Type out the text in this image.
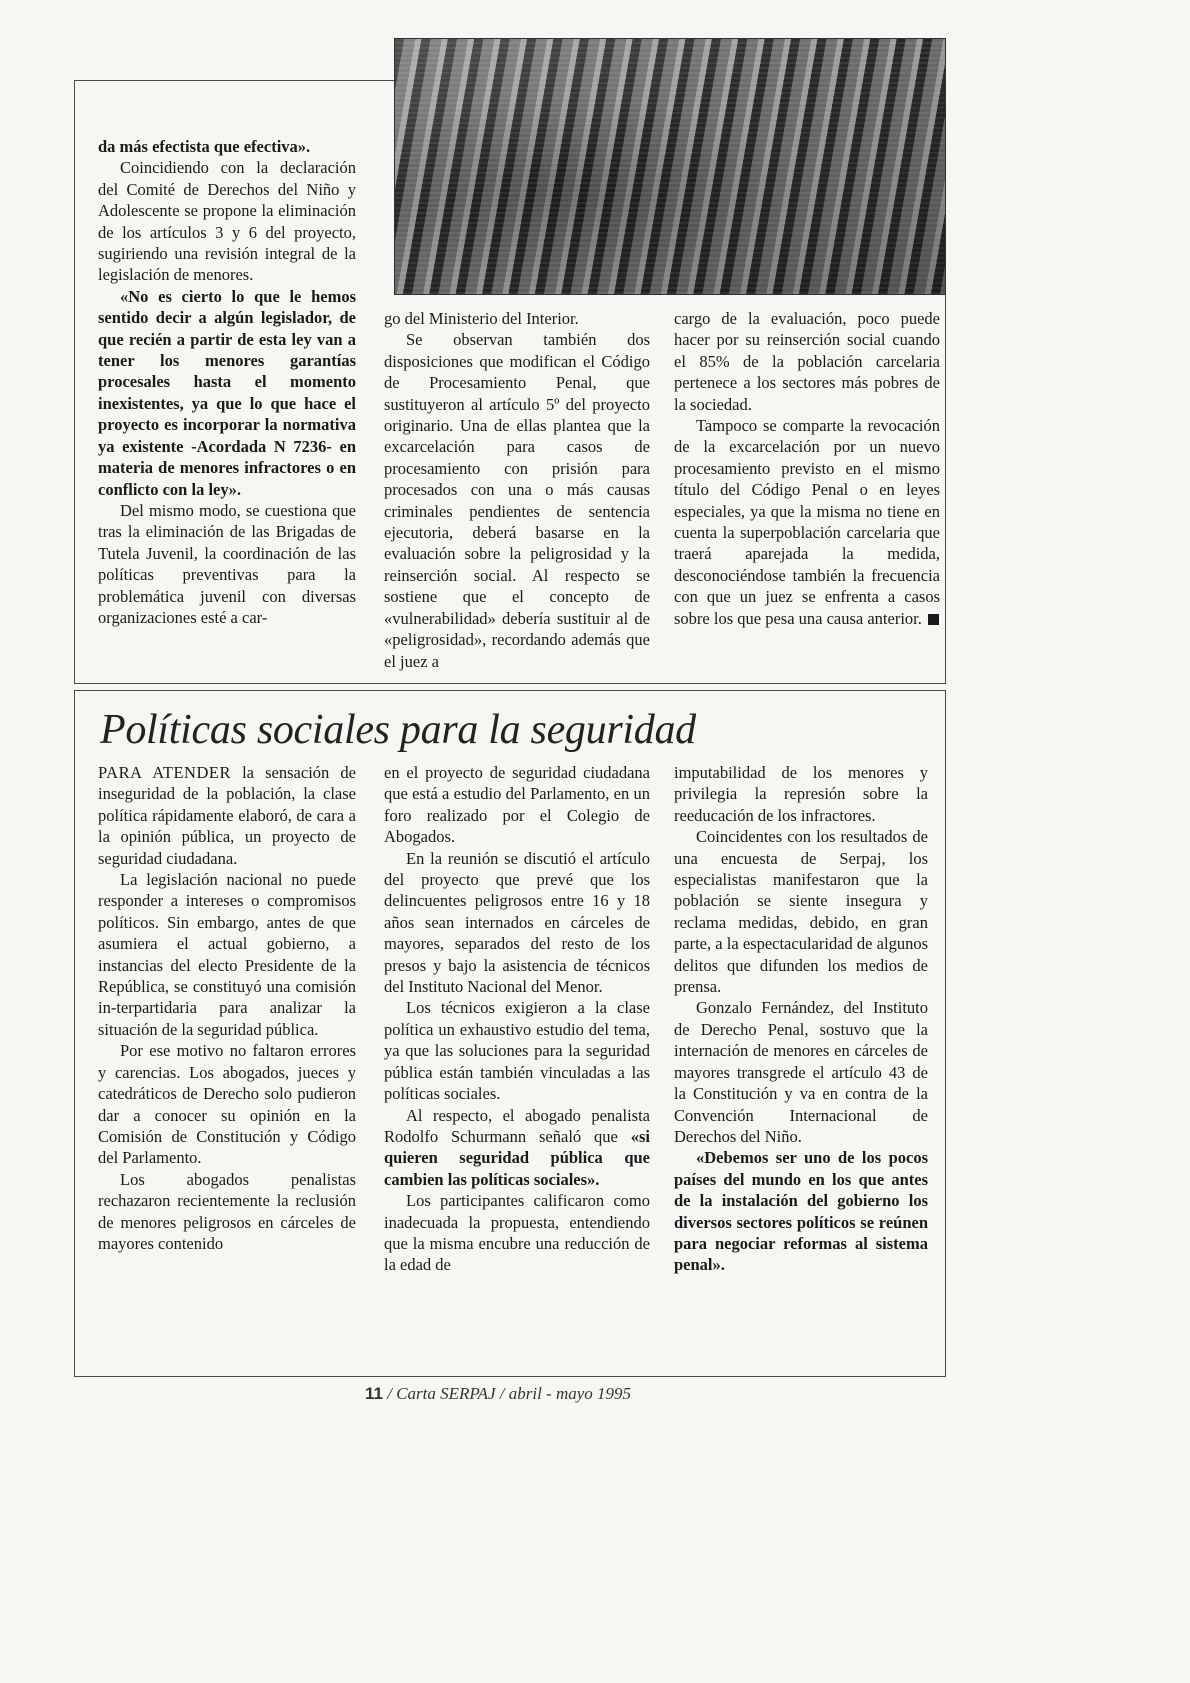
da más efectista que efectiva».

Coincidiendo con la declaración del Comité de Derechos del Niño y Adolescente se propone la eliminación de los artículos 3 y 6 del proyecto, sugiriendo una revisión integral de la legislación de menores.

«No es cierto lo que le hemos sentido decir a algún legislador, de que recién a partir de esta ley van a tener los menores garantías procesales hasta el momento inexistentes, ya que lo que hace el proyecto es incorporar la normativa ya existente -Acordada N 7236- en materia de menores infractores o en conflicto con la ley».

Del mismo modo, se cuestiona que tras la eliminación de las Brigadas de Tutela Juvenil, la coordinación de las políticas preventivas para la problemática juvenil con diversas organizaciones esté a car-

go del Ministerio del Interior.

Se observan también dos disposiciones que modifican el Código de Procesamiento Penal, que sustituyeron al artículo 5º del proyecto originario. Una de ellas plantea que la excarcelación para casos de procesamiento con prisión para procesados con una o más causas criminales pendientes de sentencia ejecutoria, deberá basarse en la evaluación sobre la peligrosidad y la reinserción social. Al respecto se sostiene que el concepto de «vulnerabilidad» debería sustituir al de «peligrosidad», recordando además que el juez a

cargo de la evaluación, poco puede hacer por su reinserción social cuando el 85% de la población carcelaria pertenece a los sectores más pobres de la sociedad.

Tampoco se comparte la revocación de la excarcelación por un nuevo procesamiento previsto en el mismo título del Código Penal o en leyes especiales, ya que la misma no tiene en cuenta la superpoblación carcelaria que traerá aparejada la medida, desconociéndose también la frecuencia con que un juez se enfrenta a casos sobre los que pesa una causa anterior.

Políticas sociales para la seguridad

PARA ATENDER la sensación de inseguridad de la población, la clase política rápidamente elaboró, de cara a la opinión pública, un proyecto de seguridad ciudadana.

La legislación nacional no puede responder a intereses o compromisos políticos. Sin embargo, antes de que asumiera el actual gobierno, a instancias del electo Presidente de la República, se constituyó una comisión in-terpartidaria para analizar la situación de la seguridad pública.

Por ese motivo no faltaron errores y carencias. Los abogados, jueces y catedráticos de Derecho solo pudieron dar a conocer su opinión en la Comisión de Constitución y Código del Parlamento.

Los abogados penalistas rechazaron recientemente la reclusión de menores peligrosos en cárceles de mayores contenido

en el proyecto de seguridad ciudadana que está a estudio del Parlamento, en un foro realizado por el Colegio de Abogados.

En la reunión se discutió el artículo del proyecto que prevé que los delincuentes peligrosos entre 16 y 18 años sean internados en cárceles de mayores, separados del resto de los presos y bajo la asistencia de técnicos del Instituto Nacional del Menor.

Los técnicos exigieron a la clase política un exhaustivo estudio del tema, ya que las soluciones para la seguridad pública están también vinculadas a las políticas sociales.

Al respecto, el abogado penalista Rodolfo Schurmann señaló que «si quieren seguridad pública que cambien las políticas sociales».

Los participantes calificaron como inadecuada la propuesta, entendiendo que la misma encubre una reducción de la edad de

imputabilidad de los menores y privilegia la represión sobre la reeducación de los infractores.

Coincidentes con los resultados de una encuesta de Serpaj, los especialistas manifestaron que la población se siente insegura y reclama medidas, debido, en gran parte, a la espectacularidad de algunos delitos que difunden los medios de prensa.

Gonzalo Fernández, del Instituto de Derecho Penal, sostuvo que la internación de menores en cárceles de mayores transgrede el artículo 43 de la Constitución y va en contra de la Convención Internacional de Derechos del Niño.

«Debemos ser uno de los pocos países del mundo en los que antes de la instalación del gobierno los diversos sectores políticos se reúnen para negociar reformas al sistema penal».

11 / Carta SERPAJ / abril - mayo 1995
